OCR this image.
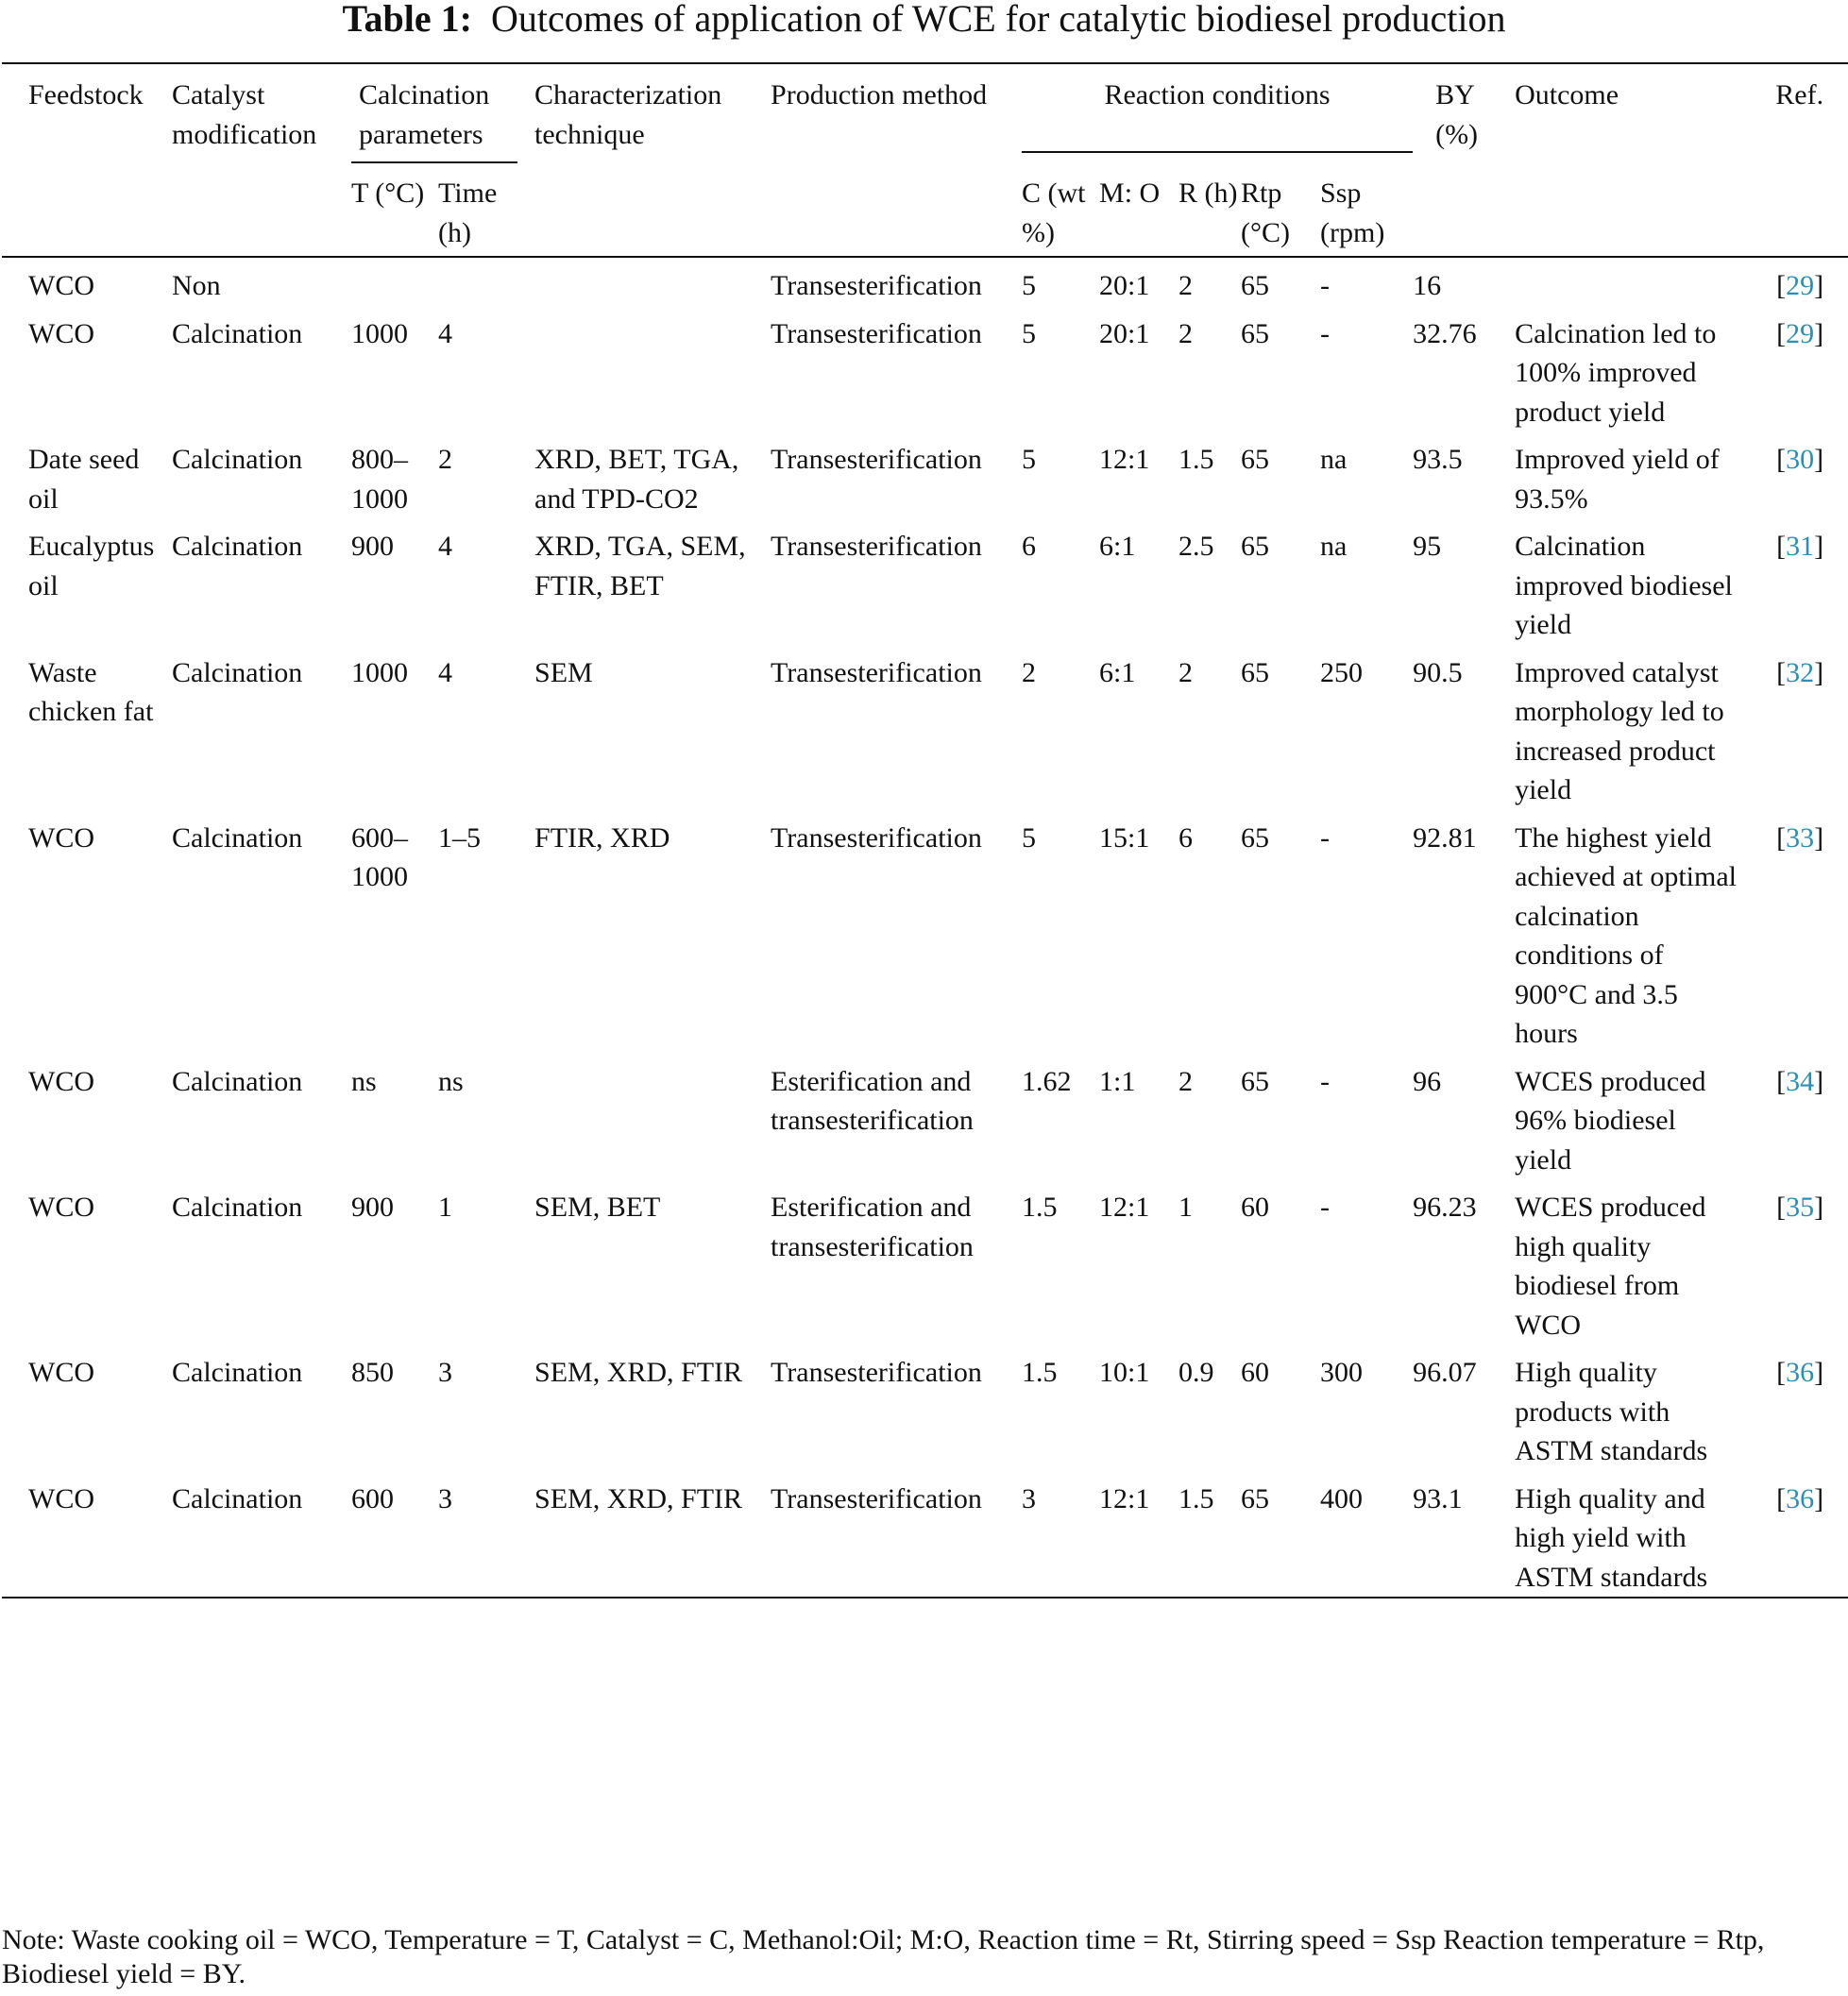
Table 1: Outcomes of application of WCE for catalytic biodiesel production
Feedstock	Catalyst modification	Calcination parameters		Characterization technique	Production method	Reaction conditions					BY (%)	Outcome	Ref.

		T (°C)	Time (h)			C (wt %)	M: O	R (h)	Rtp (°C)	Ssp (rpm)			

WCO	Non				Transesterification	5	20:1	2	65	-	16		[29]

WCO	Calcination	1000	4		Transesterification	5	20:1	2	65	-	32.76	Calcination led to 100% improved product yield	[29]

Date seed oil	Calcination	800–1000	2	XRD, BET, TGA, and TPD-CO2	Transesterification	5	12:1	1.5	65	na	93.5	Improved yield of 93.5%	[30]

Eucalyptus oil	Calcination	900	4	XRD, TGA, SEM, FTIR, BET	Transesterification	6	6:1	2.5	65	na	95	Calcination improved biodiesel yield	[31]

Waste chicken fat	Calcination	1000	4	SEM	Transesterification	2	6:1	2	65	250	90.5	Improved catalyst morphology led to increased product yield	[32]

WCO	Calcination	600–1000	1–5	FTIR, XRD	Transesterification	5	15:1	6	65	-	92.81	The highest yield achieved at optimal calcination conditions of 900°C and 3.5 hours	[33]

WCO	Calcination	ns	ns		Esterification and transesterification	1.62	1:1	2	65	-	96	WCES produced 96% biodiesel yield	[34]

WCO	Calcination	900	1	SEM, BET	Esterification and transesterification	1.5	12:1	1	60	-	96.23	WCES produced high quality biodiesel from WCO	[35]

WCO	Calcination	850	3	SEM, XRD, FTIR	Transesterification	1.5	10:1	0.9	60	300	96.07	High quality products with ASTM standards	[36]

WCO	Calcination	600	3	SEM, XRD, FTIR	Transesterification	3	12:1	1.5	65	400	93.1	High quality and high yield with ASTM standards	[36]
Note: Waste cooking oil = WCO, Temperature = T, Catalyst = C, Methanol:Oil; M:O, Reaction time = Rt, Stirring speed = Ssp Reaction temperature = Rtp, Biodiesel yield = BY.
